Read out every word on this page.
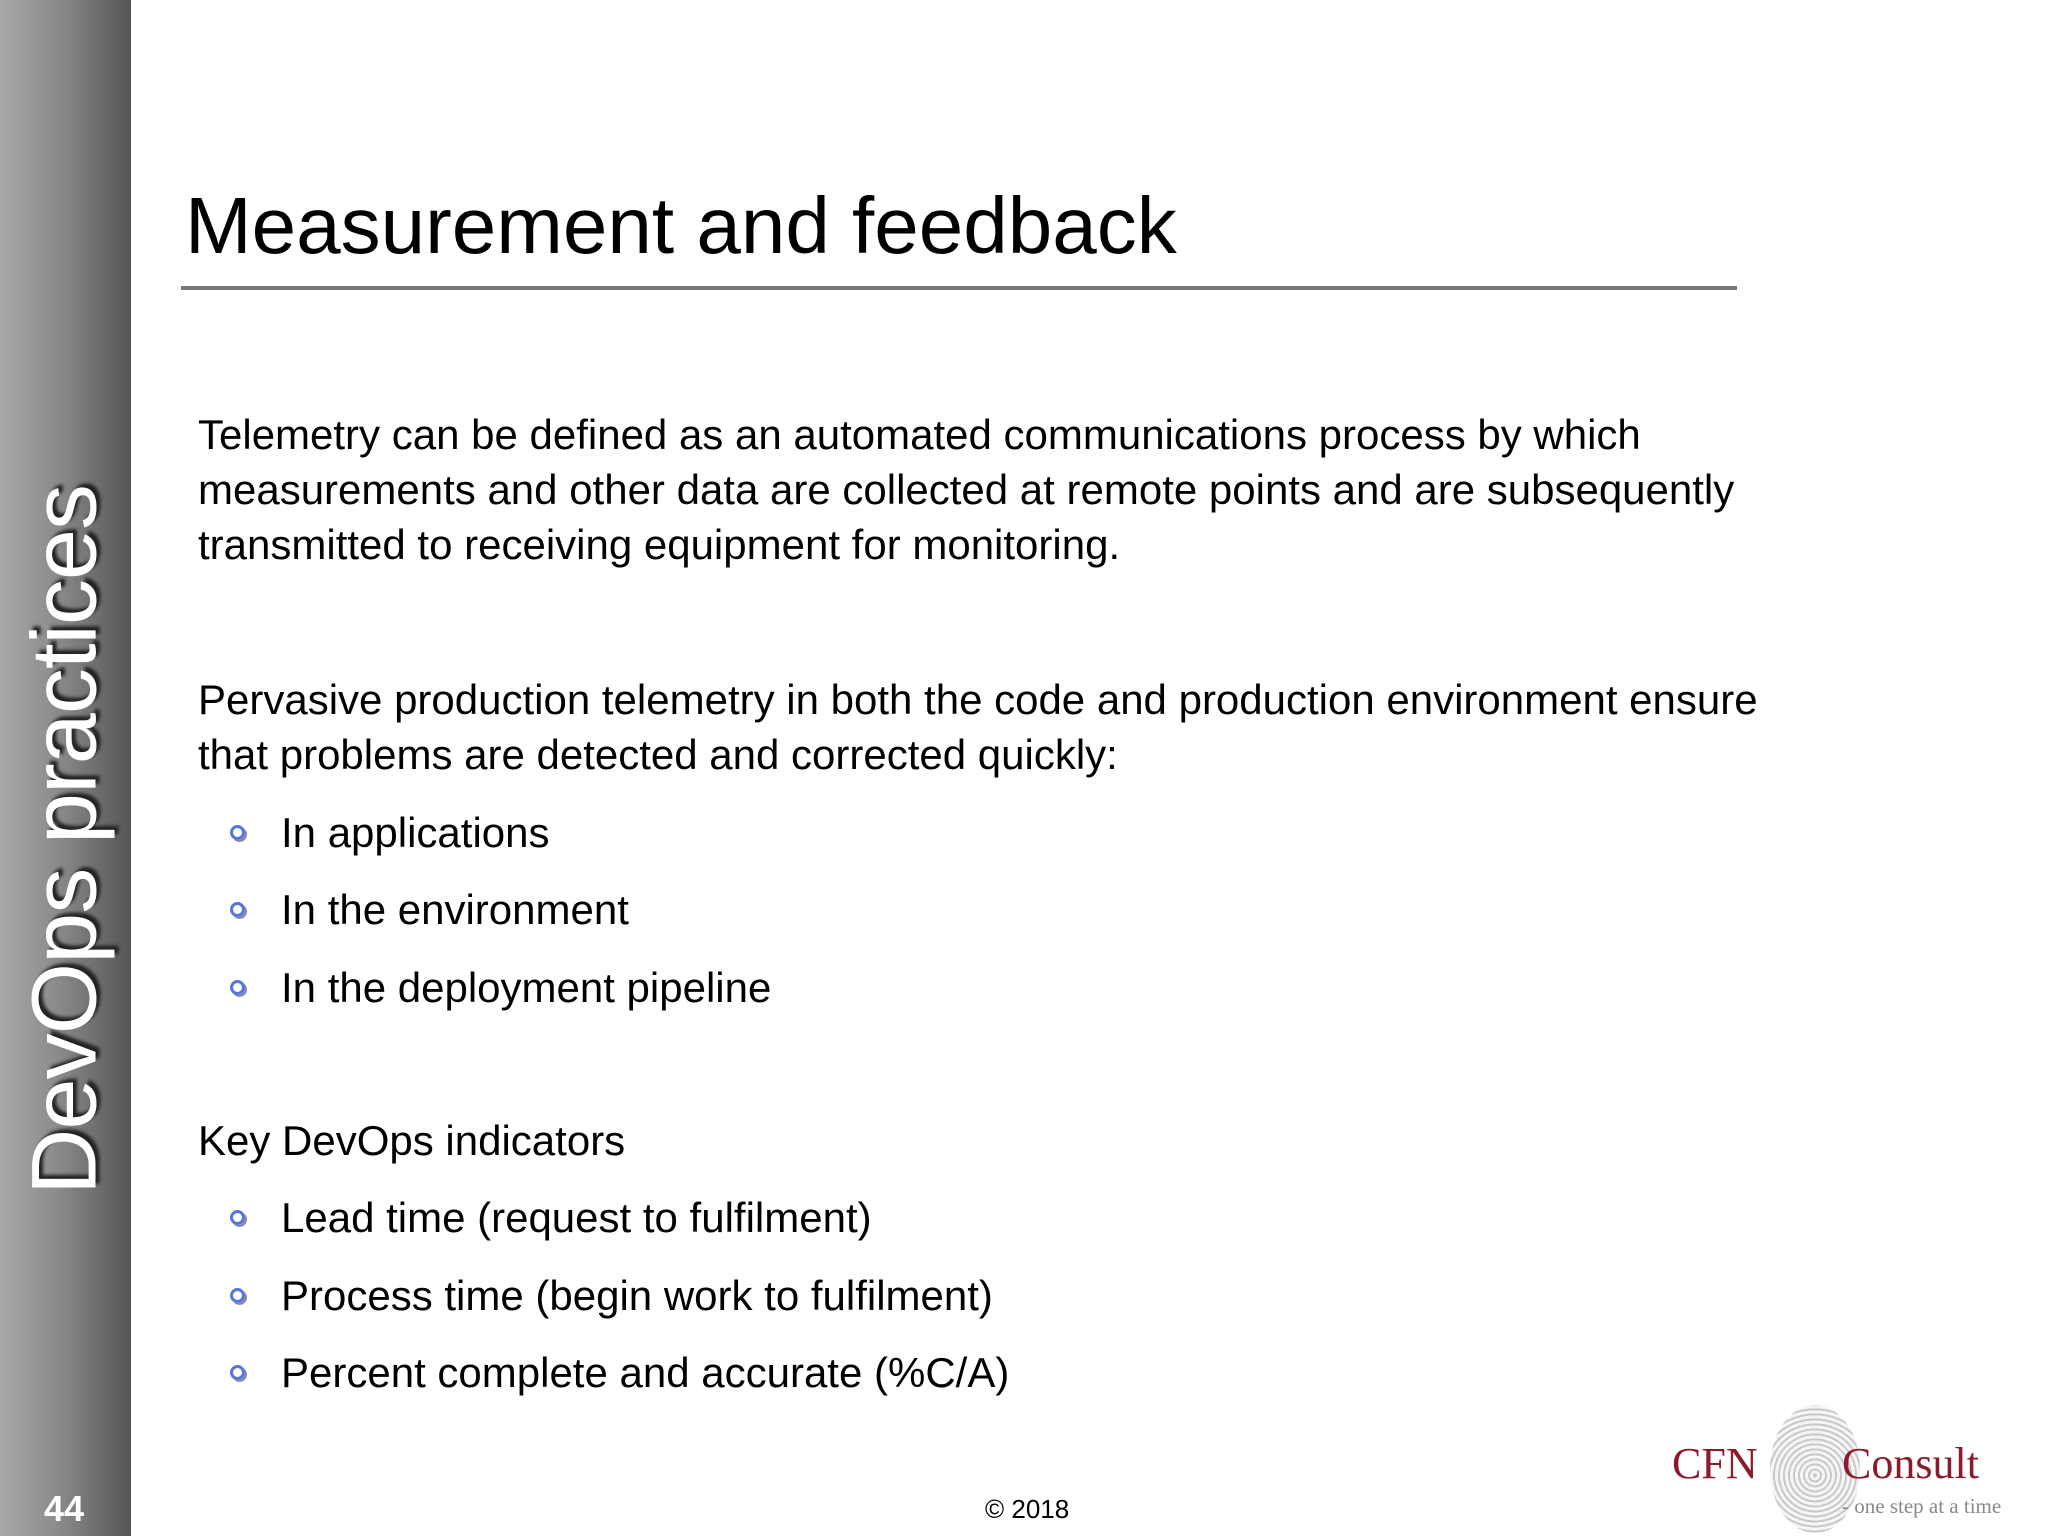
DevOps practices
44
Measurement and feedback
Telemetry can be defined as an automated communications process by which
measurements and other data are collected at remote points and are subsequently
transmitted to receiving equipment for monitoring.
Pervasive production telemetry in both the code and production environment ensure
that problems are detected and corrected quickly:
In applications
In the environment
In the deployment pipeline
Key DevOps indicators
Lead time (request to fulfilment)
Process time (begin work to fulfilment)
Percent complete and accurate (%C/A)
© 2018
CFN Consult
- one step at a time
